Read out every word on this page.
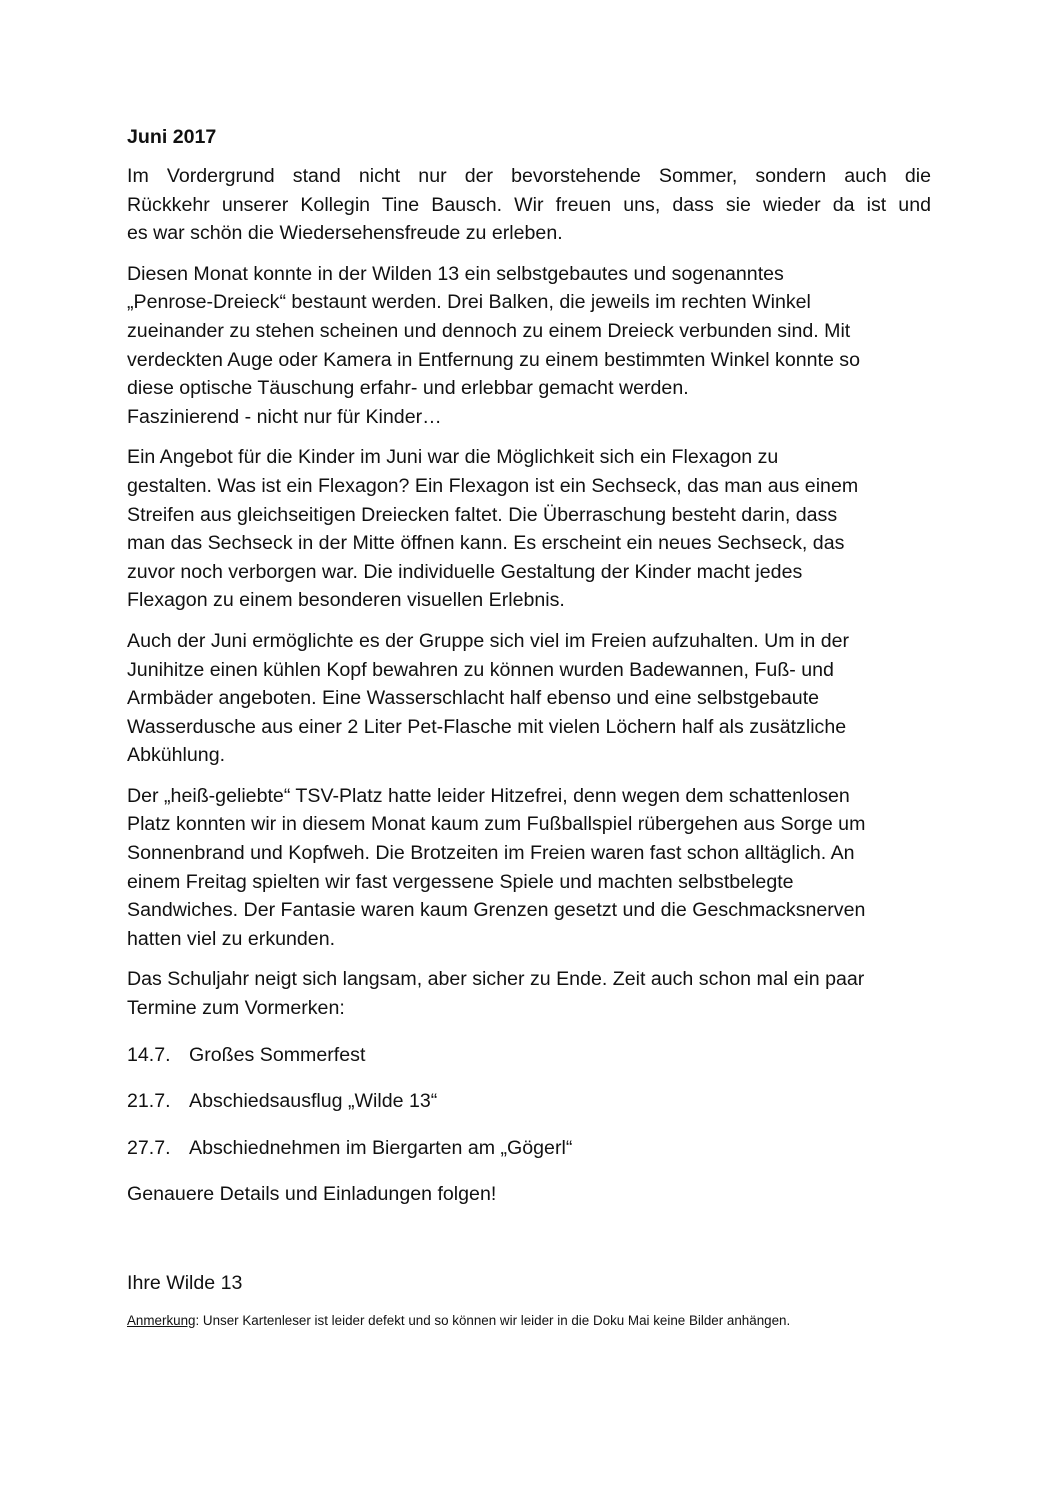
Juni 2017
Im Vordergrund stand nicht nur der bevorstehende Sommer, sondern auch die
Rückkehr unserer Kollegin Tine Bausch. Wir freuen uns, dass sie wieder da ist und
es war schön die Wiedersehensfreude zu erleben.
Diesen Monat konnte in der Wilden 13 ein selbstgebautes und sogenanntes
„Penrose-Dreieck“ bestaunt werden. Drei Balken, die jeweils im rechten Winkel
zueinander zu stehen scheinen und dennoch zu einem Dreieck verbunden sind. Mit
verdeckten Auge oder Kamera in Entfernung zu einem bestimmten Winkel konnte so
diese optische Täuschung erfahr- und erlebbar gemacht werden.
Faszinierend - nicht nur für Kinder…
Ein Angebot für die Kinder im Juni war die Möglichkeit sich ein Flexagon zu
gestalten. Was ist ein Flexagon? Ein Flexagon ist ein Sechseck, das man aus einem
Streifen aus gleichseitigen Dreiecken faltet. Die Überraschung besteht darin, dass
man das Sechseck in der Mitte öffnen kann. Es erscheint ein neues Sechseck, das
zuvor noch verborgen war. Die individuelle Gestaltung der Kinder macht jedes
Flexagon zu einem besonderen visuellen Erlebnis.
Auch der Juni ermöglichte es der Gruppe sich viel im Freien aufzuhalten. Um in der
Junihitze einen kühlen Kopf bewahren zu können wurden Badewannen, Fuß- und
Armbäder angeboten. Eine Wasserschlacht half ebenso und eine selbstgebaute
Wasserdusche aus einer 2 Liter Pet-Flasche mit vielen Löchern half als zusätzliche
Abkühlung.
Der „heiß-geliebte“ TSV-Platz hatte leider Hitzefrei, denn wegen dem schattenlosen
Platz konnten wir in diesem Monat kaum zum Fußballspiel rübergehen aus Sorge um
Sonnenbrand und Kopfweh. Die Brotzeiten im Freien waren fast schon alltäglich. An
einem Freitag spielten wir fast vergessene Spiele und machten selbstbelegte
Sandwiches. Der Fantasie waren kaum Grenzen gesetzt und die Geschmacksnerven
hatten viel zu erkunden.
Das Schuljahr neigt sich langsam, aber sicher zu Ende. Zeit auch schon mal ein paar
Termine zum Vormerken:
14.7. Großes Sommerfest
21.7. Abschiedsausflug „Wilde 13“
27.7. Abschiednehmen im Biergarten am „Gögerl“
Genauere Details und Einladungen folgen!
Ihre Wilde 13
Anmerkung: Unser Kartenleser ist leider defekt und so können wir leider in die Doku Mai keine Bilder anhängen.
